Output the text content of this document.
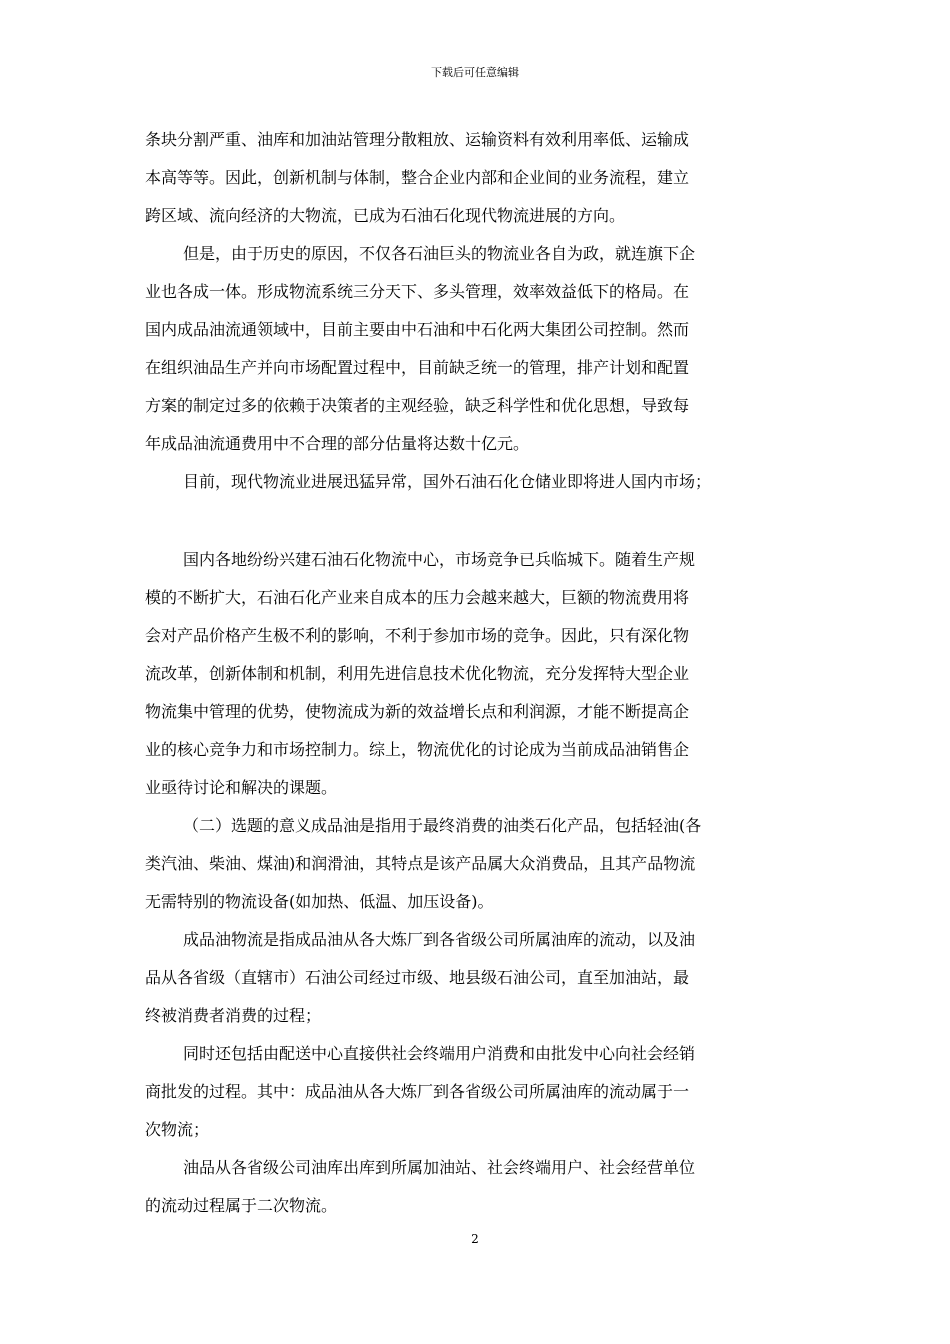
下载后可任意编辑

条块分割严重、油库和加油站管理分散粗放、运输资料有效利用率低、运输成
本高等等。因此，创新机制与体制，整合企业内部和企业间的业务流程，建立
跨区域、流向经济的大物流，已成为石油石化现代物流进展的方向。

但是，由于历史的原因，不仅各石油巨头的物流业各自为政，就连旗下企
业也各成一体。形成物流系统三分天下、多头管理，效率效益低下的格局。在
国内成品油流通领域中，目前主要由中石油和中石化两大集团公司控制。然而
在组织油品生产并向市场配置过程中，目前缺乏统一的管理，排产计划和配置
方案的制定过多的依赖于决策者的主观经验，缺乏科学性和优化思想，导致每
年成品油流通费用中不合理的部分估量将达数十亿元。

目前，现代物流业进展迅猛异常，国外石油石化仓储业即将进人国内市场；

国内各地纷纷兴建石油石化物流中心，市场竞争已兵临城下。随着生产规
模的不断扩大，石油石化产业来自成本的压力会越来越大，巨额的物流费用将
会对产品价格产生极不利的影响，不利于参加市场的竞争。因此，只有深化物
流改革，创新体制和机制，利用先进信息技术优化物流，充分发挥特大型企业
物流集中管理的优势，使物流成为新的效益增长点和利润源，才能不断提高企
业的核心竞争力和市场控制力。综上，物流优化的讨论成为当前成品油销售企
业亟待讨论和解决的课题。

（二）选题的意义成品油是指用于最终消费的油类石化产品，包括轻油(各
类汽油、柴油、煤油)和润滑油，其特点是该产品属大众消费品，且其产品物流
无需特别的物流设备(如加热、低温、加压设备)。

成品油物流是指成品油从各大炼厂到各省级公司所属油库的流动，以及油
品从各省级（直辖市）石油公司经过市级、地县级石油公司，直至加油站，最
终被消费者消费的过程；

同时还包括由配送中心直接供社会终端用户消费和由批发中心向社会经销
商批发的过程。其中：成品油从各大炼厂到各省级公司所属油库的流动属于一
次物流；

油品从各省级公司油库出库到所属加油站、社会终端用户、社会经营单位
的流动过程属于二次物流。

2
